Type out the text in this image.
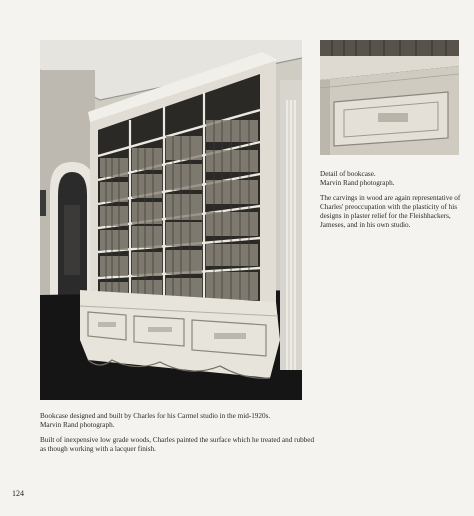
Detail of bookcase.
Marvin Rand photograph.

The carvings in wood are again representative of Charles' preoccupation with the plasticity of his designs in plaster relief for the Fleishhackers, Jameses, and in his own studio.

Bookcase designed and built by Charles for his Carmel studio in the mid-1920s.
Marvin Rand photograph.

Built of inexpensive low grade woods, Charles painted the surface which he treated and rubbed as though working with a lacquer finish.

124
